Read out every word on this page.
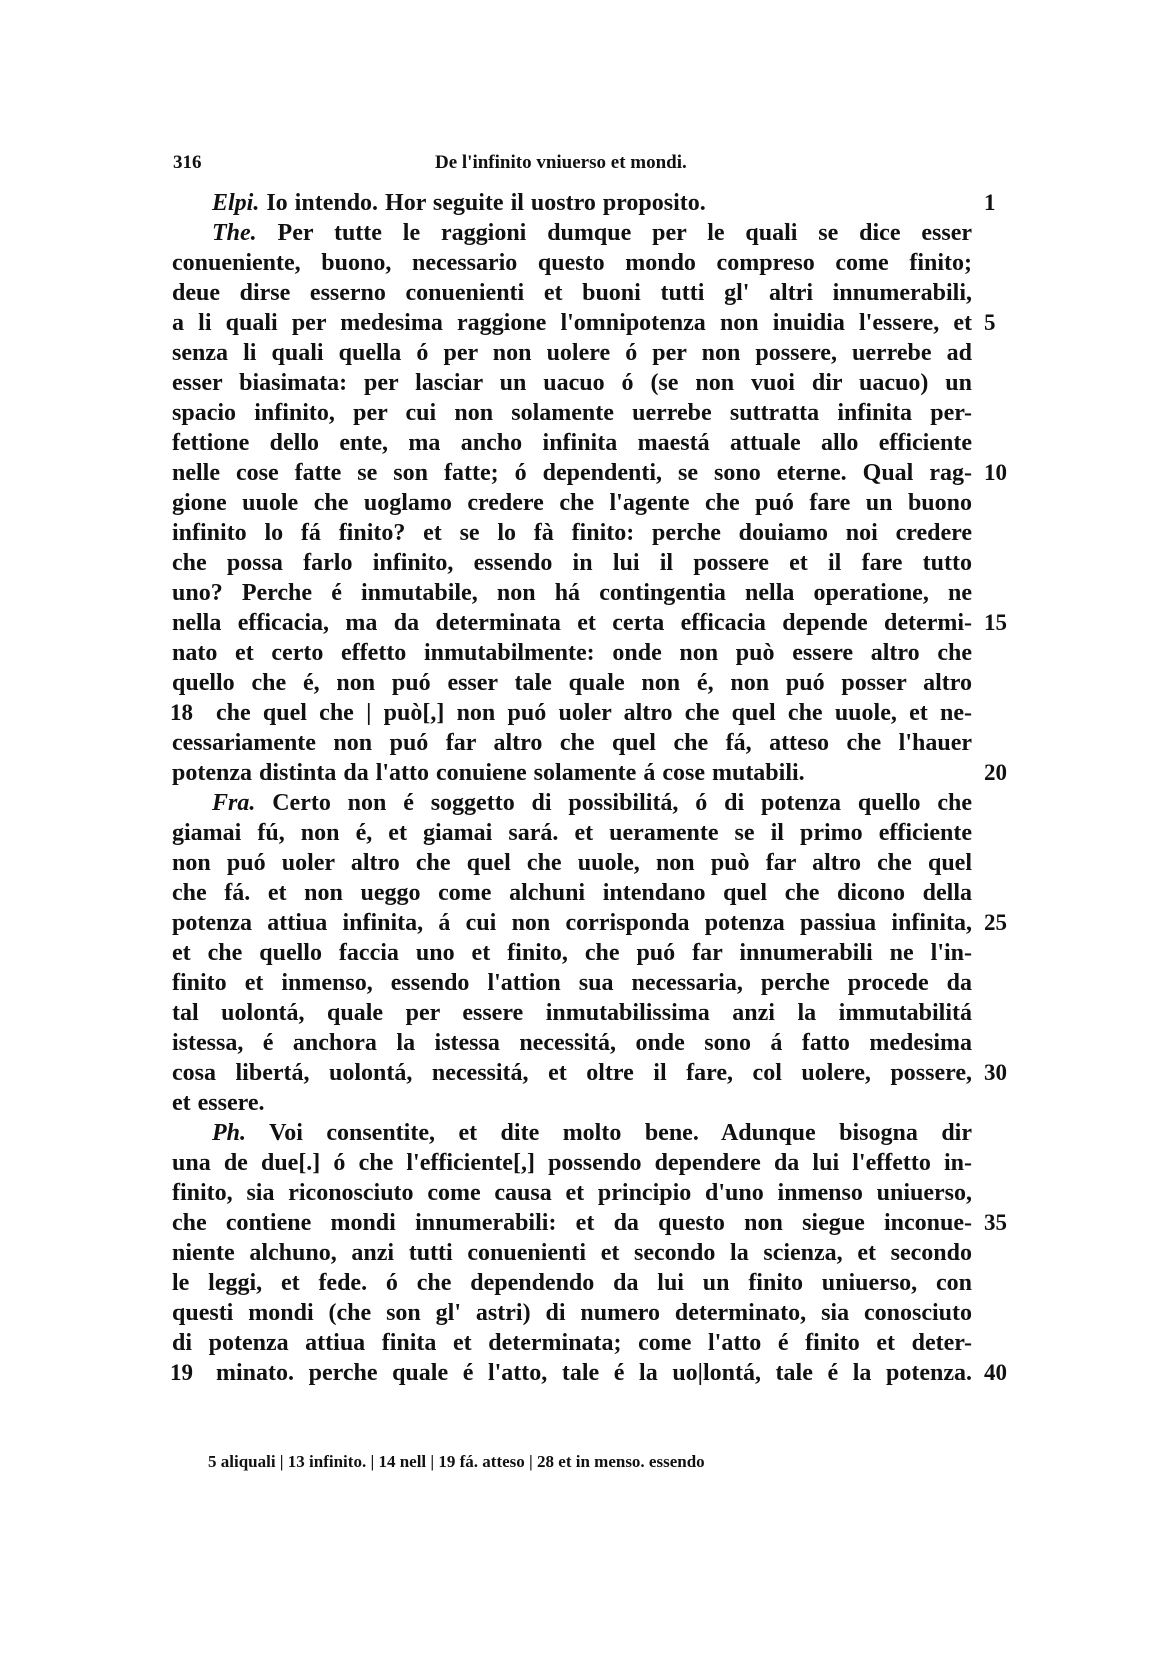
316	De l'infinito vniuerso et mondi.
Elpi. Io intendo. Hor seguite il uostro proposito.	1
The. Per tutte le raggioni dumque per le quali se dice esser
conueniente, buono, necessario questo mondo compreso come finito;
deue dirse esserno conuenienti et buoni tutti gl' altri innumerabili,
a li quali per medesima raggione l'omnipotenza non inuidia l'essere, et 5
senza li quali quella ó per non uolere ó per non possere, uerrebe ad
esser biasimata: per lasciar un uacuo ó (se non vuoi dir uacuo) un
spacio infinito, per cui non solamente uerrebe suttratta infinita per-
fettione dello ente, ma ancho infinita maestá attuale allo efficiente
nelle cose fatte se son fatte; ó dependenti, se sono eterne. Qual rag- 10
gione uuole che uoglamo credere che l'agente che puó fare un buono
infinito lo fá finito? et se lo fà finito: perche douiamo noi credere
che possa farlo infinito, essendo in lui il possere et il fare tutto
uno? Perche é inmutabile, non há contingentia nella operatione, ne
nella efficacia, ma da determinata et certa efficacia depende determi- 15
nato et certo effetto inmutabilmente: onde non può essere altro che
quello che é, non puó esser tale quale non é, non puó posser altro
che quel che | può[,] non puó uoler altro che quel che uuole, et ne-
18
cessariamente non puó far altro che quel che fá, atteso che l'hauer
potenza distinta da l'atto conuiene solamente á cose mutabili.	20
Fra. Certo non é soggetto di possibilitá, ó di potenza quello che
giamai fú, non é, et giamai sará. et ueramente se il primo efficiente
non puó uoler altro che quel che uuole, non può far altro che quel
che fá. et non ueggo come alchuni intendano quel che dicono della
potenza attiua infinita, á cui non corrisponda potenza passiua infinita, 25
et che quello faccia uno et finito, che puó far innumerabili ne l'in-
finito et inmenso, essendo l'attion sua necessaria, perche procede da
tal uolontá, quale per essere inmutabilissima anzi la immutabilitá
istessa, é anchora la istessa necessitá, onde sono á fatto medesima
cosa libertá, uolontá, necessitá, et oltre il fare, col uolere, possere, 30
et essere.
Ph. Voi consentite, et dite molto bene. Adunque bisogna dir
una de due[.] ó che l'efficiente[,] possendo dependere da lui l'effetto in-
finito, sia riconosciuto come causa et principio d'uno inmenso uniuerso,
che contiene mondi innumerabili: et da questo non siegue inconue- 35
niente alchuno, anzi tutti conuenienti et secondo la scienza, et secondo
le leggi, et fede. ó che dependendo da lui un finito uniuerso, con
questi mondi (che son gl' astri) di numero determinato, sia conosciuto
di potenza attiua finita et determinata; come l'atto é finito et deter-
minato. perche quale é l'atto, tale é la uo|lontá, tale é la potenza. 40
19
5 aliquali | 13 infinito. | 14 nell | 19 fá. atteso | 28 et in menso. essendo
